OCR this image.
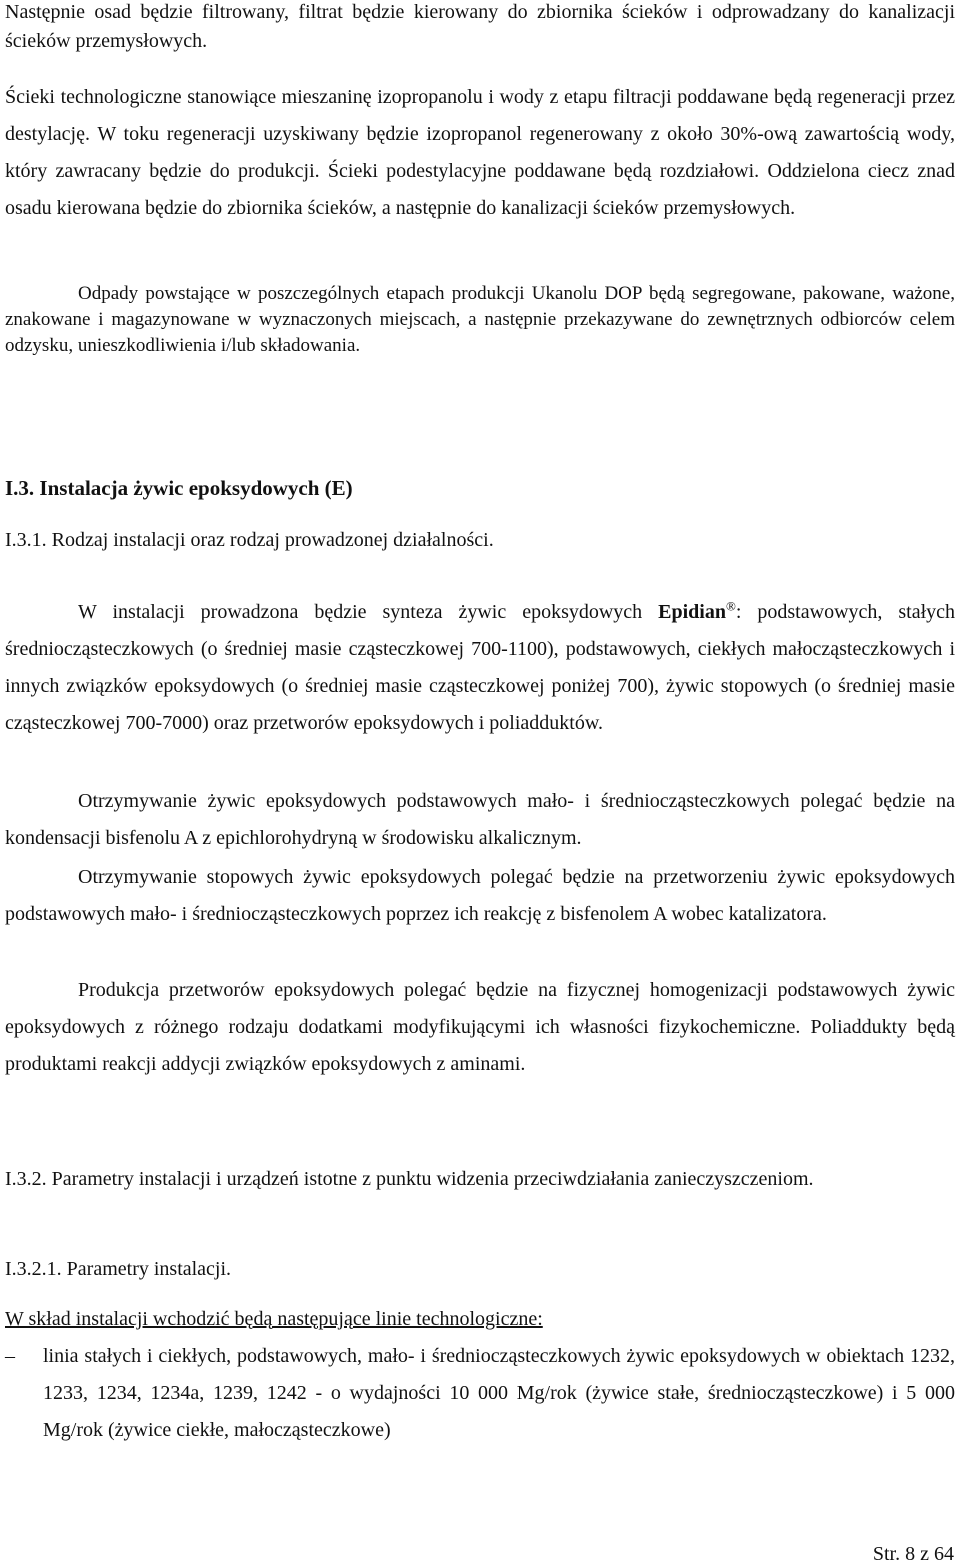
Następnie osad będzie filtrowany, filtrat będzie kierowany do zbiornika ścieków i odprowadzany do kanalizacji ścieków przemysłowych.

Ścieki technologiczne stanowiące mieszaninę izopropanolu i wody z etapu filtracji poddawane będą regeneracji przez destylację. W toku regeneracji uzyskiwany będzie izopropanol regenerowany z około 30%-ową zawartością wody, który zawracany będzie do produkcji. Ścieki podestylacyjne poddawane będą rozdziałowi. Oddzielona ciecz znad osadu kierowana będzie do zbiornika ścieków, a następnie do kanalizacji ścieków przemysłowych.

Odpady powstające w poszczególnych etapach produkcji Ukanolu DOP będą segregowane, pakowane, ważone, znakowane i magazynowane w wyznaczonych miejscach, a następnie przekazywane do zewnętrznych odbiorców celem odzysku, unieszkodliwienia i/lub składowania.

I.3. Instalacja żywic epoksydowych (E)
I.3.1. Rodzaj instalacji oraz rodzaj prowadzonej działalności.

W instalacji prowadzona będzie synteza żywic epoksydowych Epidian®: podstawowych, stałych średniocząsteczkowych (o średniej masie cząsteczkowej 700-1100), podstawowych, ciekłych małocząsteczkowych i innych związków epoksydowych (o średniej masie cząsteczkowej poniżej 700), żywic stopowych (o średniej masie cząsteczkowej 700-7000) oraz przetworów epoksydowych i poliadduktów.

Otrzymywanie żywic epoksydowych podstawowych mało- i średniocząsteczkowych polegać będzie na kondensacji bisfenolu A z epichlorohydryną w środowisku alkalicznym.

Otrzymywanie stopowych żywic epoksydowych polegać będzie na przetworzeniu żywic epoksydowych podstawowych mało- i średniocząsteczkowych poprzez ich reakcję z bisfenolem A wobec katalizatora.

Produkcja przetworów epoksydowych polegać będzie na fizycznej homogenizacji podstawowych żywic epoksydowych z różnego rodzaju dodatkami modyfikującymi ich własności fizykochemiczne. Poliaddukty będą produktami reakcji addycji związków epoksydowych z aminami.

I.3.2. Parametry instalacji i urządzeń istotne z punktu widzenia przeciwdziałania zanieczyszczeniom.

I.3.2.1. Parametry instalacji.
W skład instalacji wchodzić będą następujące linie technologiczne:
–	linia stałych i ciekłych, podstawowych, mało- i średniocząsteczkowych żywic epoksydowych w obiektach 1232, 1233, 1234, 1234a, 1239, 1242 - o wydajności 10 000 Mg/rok (żywice stałe, średniocząsteczkowe) i 5 000 Mg/rok (żywice ciekłe, małocząsteczkowe)
Str. 8 z 64
